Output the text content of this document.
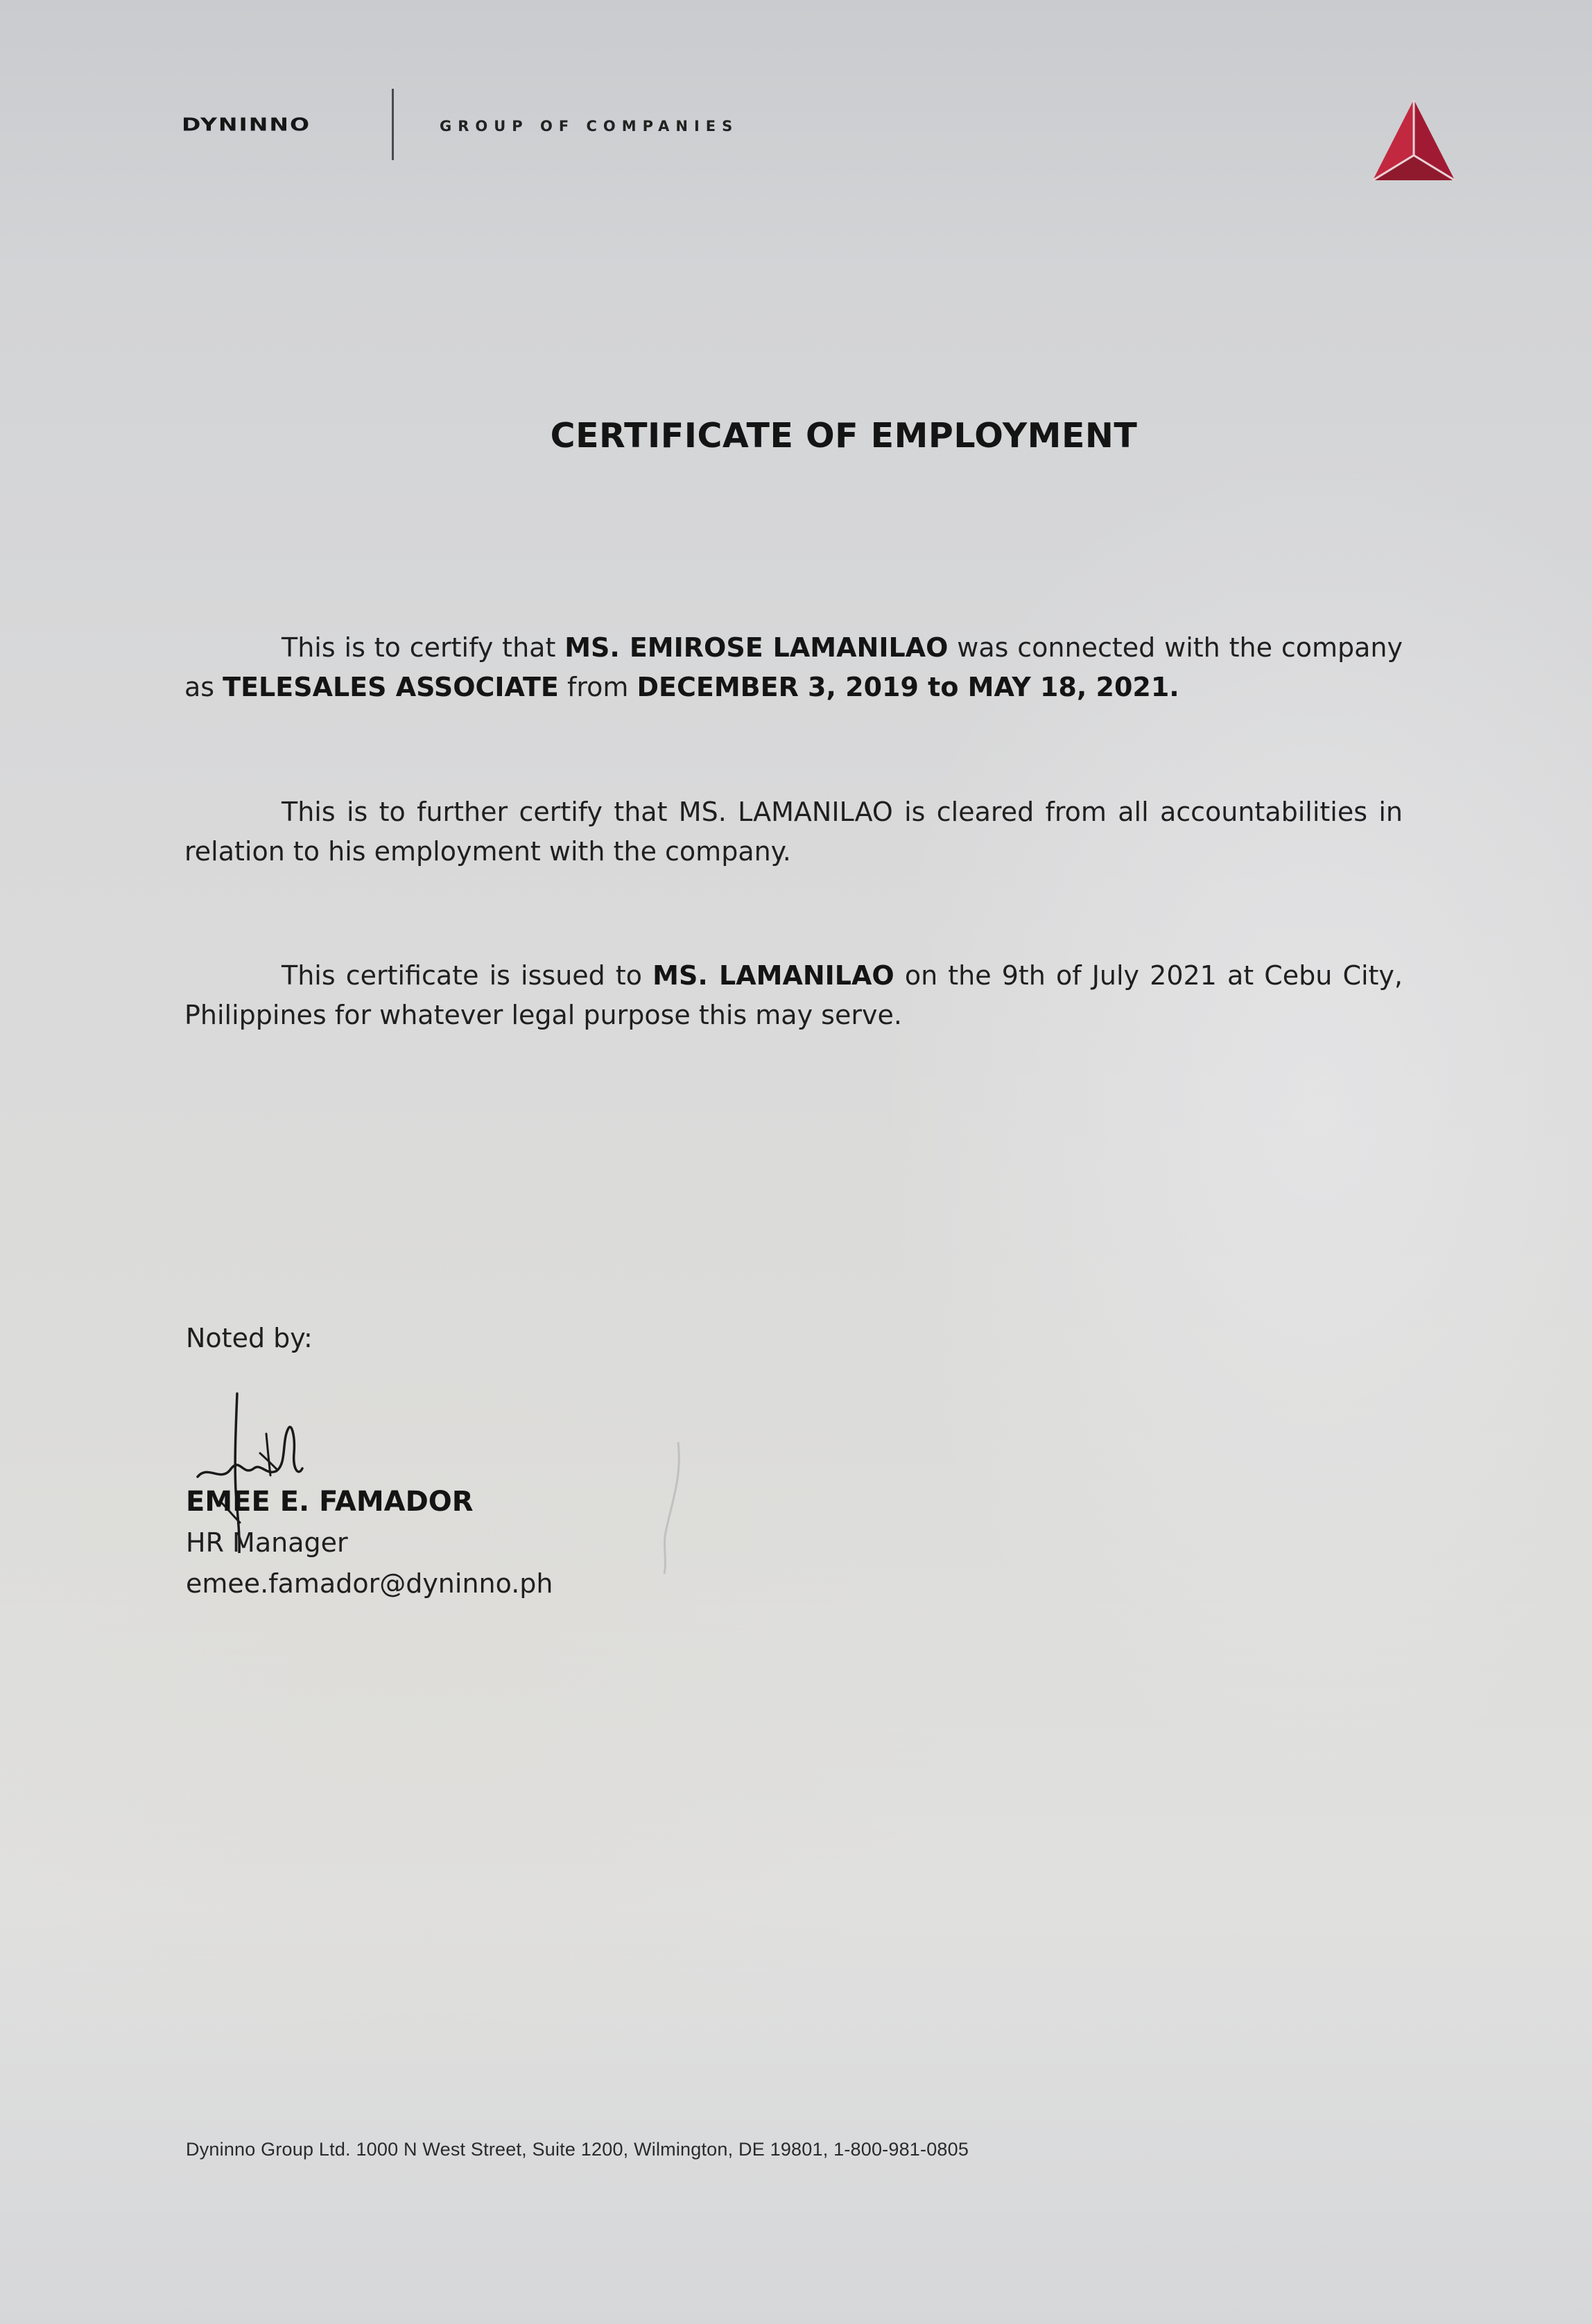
DYNINNO	GROUP OF COMPANIES
CERTIFICATE OF EMPLOYMENT
This is to certify that MS. EMIROSE LAMANILAO was connected with the company as TELESALES ASSOCIATE from DECEMBER 3, 2019 to MAY 18, 2021.
This is to further certify that MS. LAMANILAO is cleared from all accountabilities in relation to his employment with the company.
This certificate is issued to MS. LAMANILAO on the 9th of July 2021 at Cebu City, Philippines for whatever legal purpose this may serve.
Noted by:
EMEE E. FAMADOR
HR Manager
emee.famador@dyninno.ph
Dyninno Group Ltd. 1000 N West Street, Suite 1200, Wilmington, DE 19801, 1-800-981-0805
